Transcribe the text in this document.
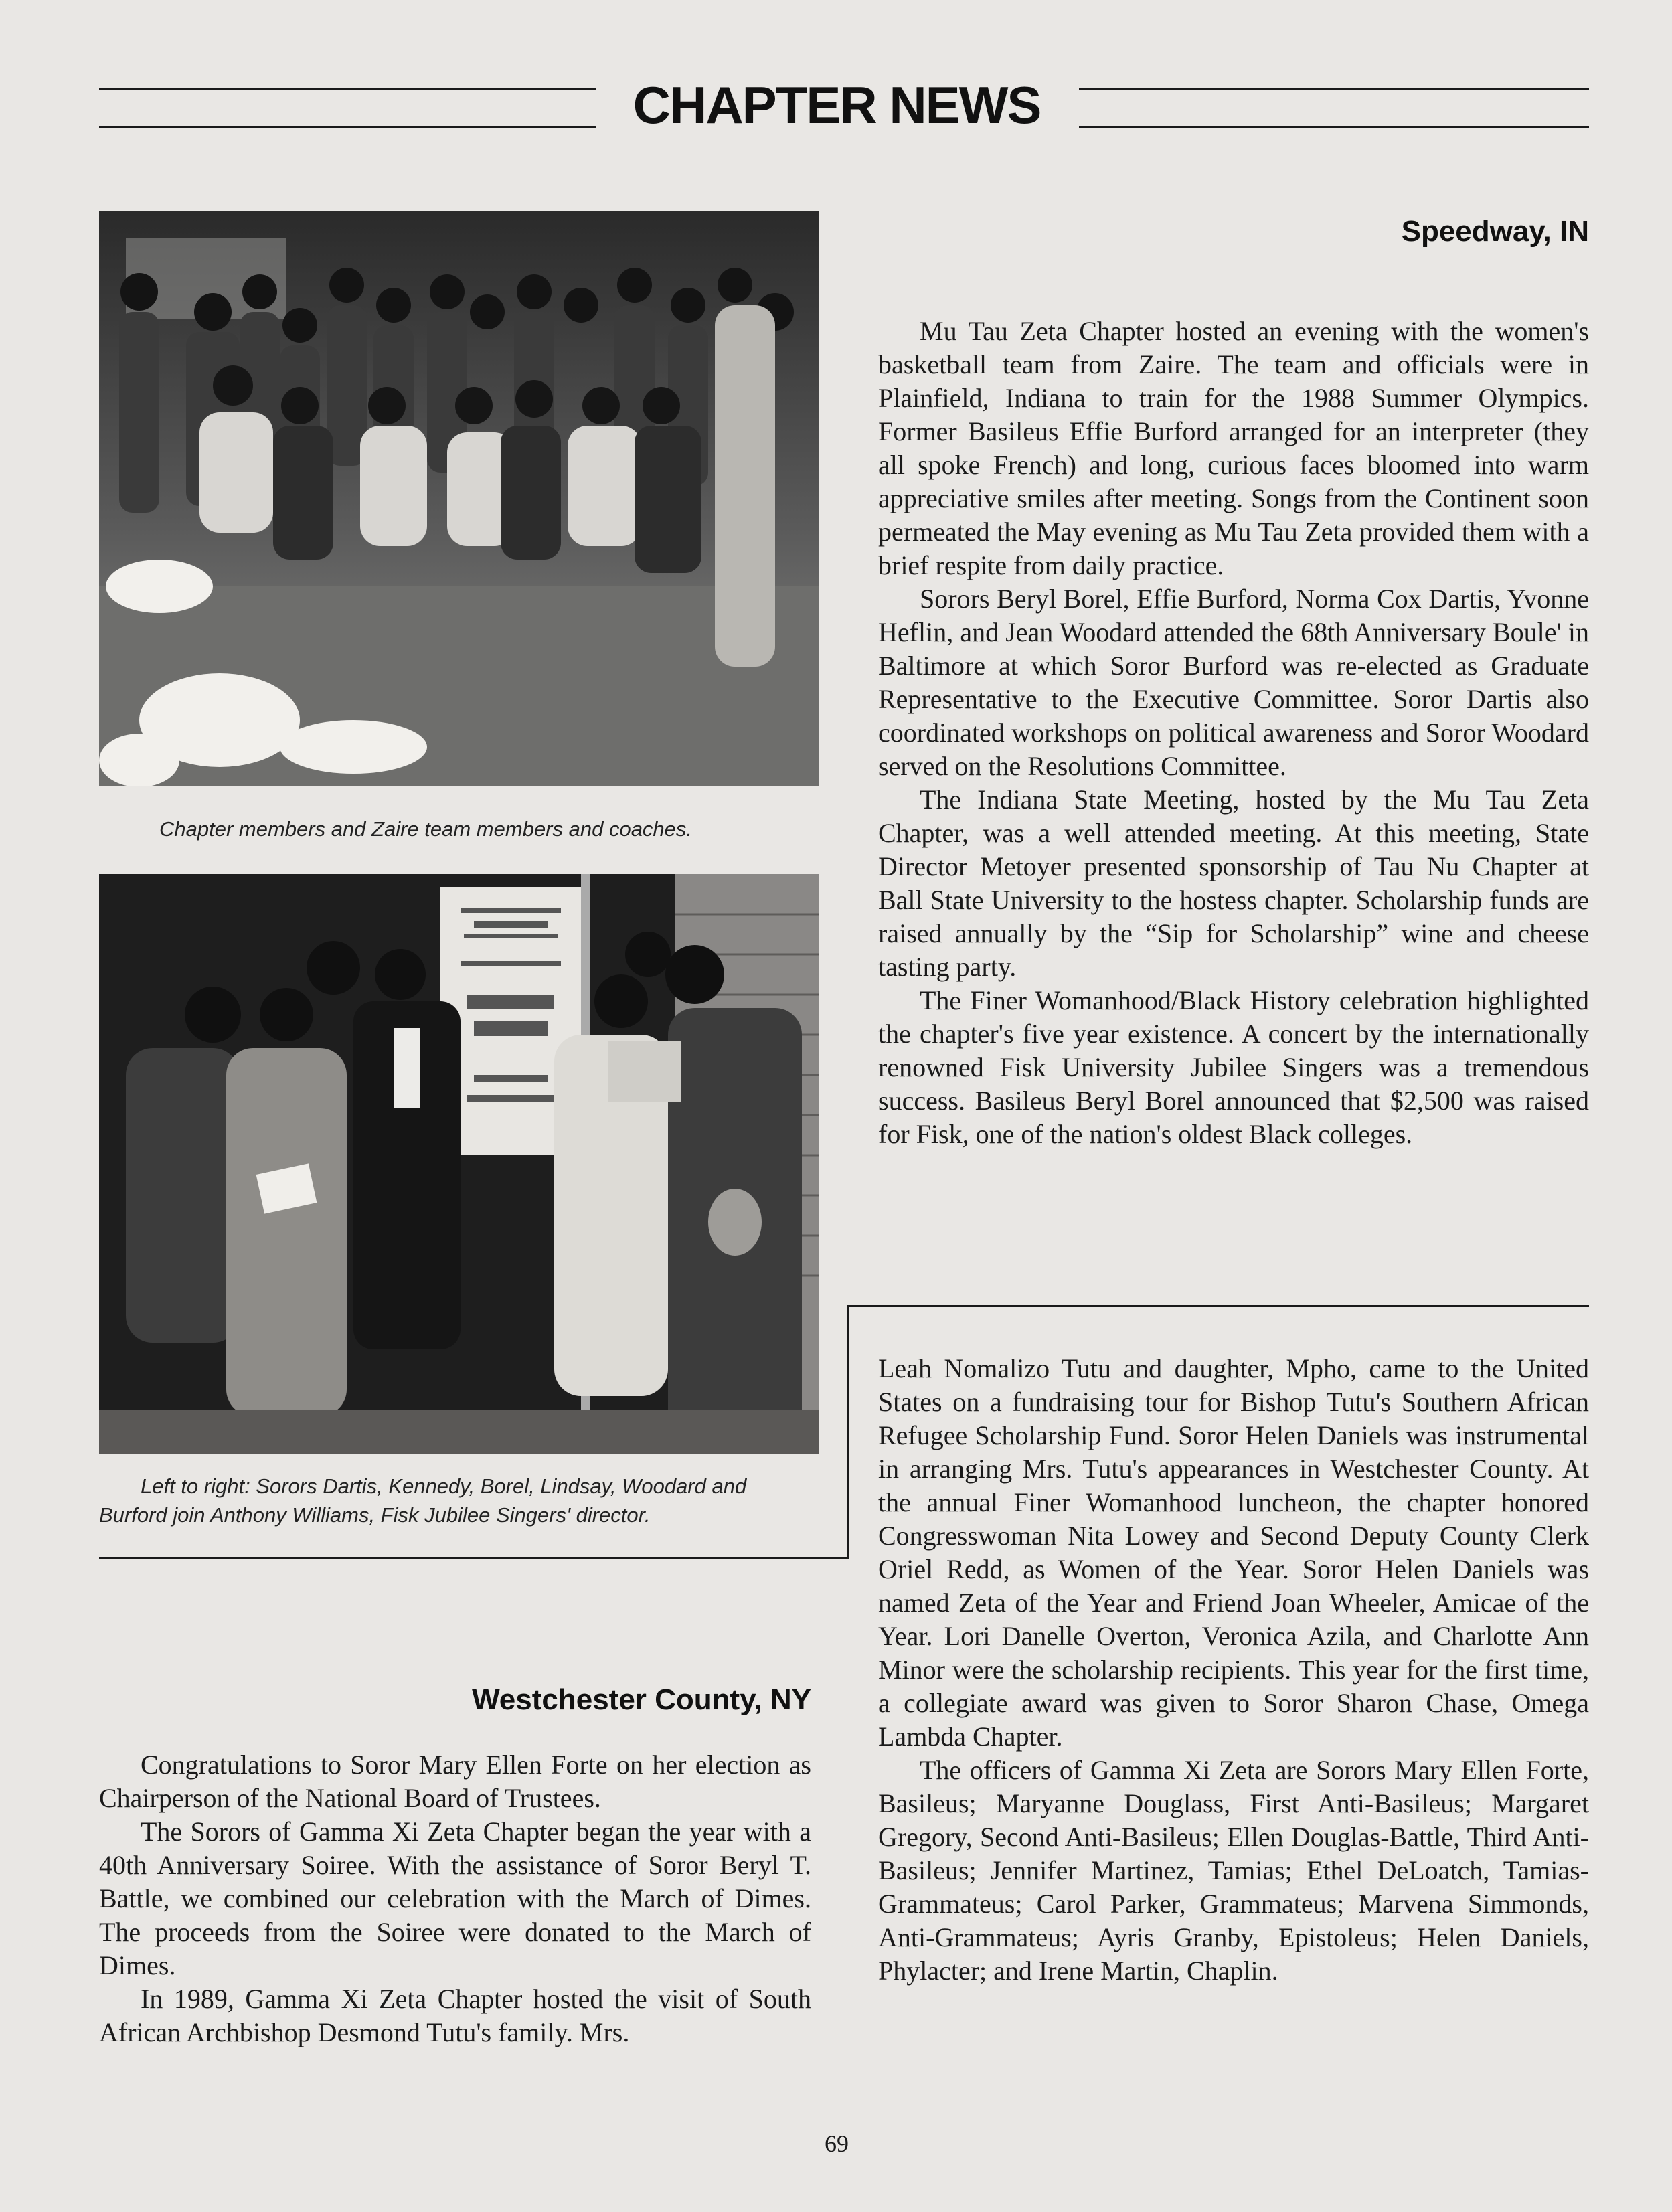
CHAPTER NEWS
Chapter members and Zaire team members and coaches.
Left to right: Sorors Dartis, Kennedy, Borel, Lindsay, Woodard and
Burford join Anthony Williams, Fisk Jubilee Singers' director.
Speedway, IN

Mu Tau Zeta Chapter hosted an evening with the women's basketball team from Zaire. The team and officials were in Plainfield, Indiana to train for the 1988 Summer Olympics. Former Basileus Effie Burford arranged for an interpreter (they all spoke French) and long, curious faces bloomed into warm appreciative smiles after meeting. Songs from the Continent soon permeated the May evening as Mu Tau Zeta provided them with a brief respite from daily practice.

Sorors Beryl Borel, Effie Burford, Norma Cox Dartis, Yvonne Heflin, and Jean Woodard attended the 68th Anniversary Boule' in Baltimore at which Soror Burford was re-elected as Graduate Representative to the Executive Committee. Soror Dartis also coordinated workshops on political awareness and Soror Woodard served on the Resolutions Committee.

The Indiana State Meeting, hosted by the Mu Tau Zeta Chapter, was a well attended meeting. At this meeting, State Director Metoyer presented sponsorship of Tau Nu Chapter at Ball State University to the hostess chapter. Scholarship funds are raised annually by the “Sip for Scholarship” wine and cheese tasting party.

The Finer Womanhood/Black History celebration highlighted the chapter's five year existence. A concert by the internationally renowned Fisk University Jubilee Singers was a tremendous success. Basileus Beryl Borel announced that $2,500 was raised for Fisk, one of the nation's oldest Black colleges.

Westchester County, NY

Congratulations to Soror Mary Ellen Forte on her election as Chairperson of the National Board of Trustees.

The Sorors of Gamma Xi Zeta Chapter began the year with a 40th Anniversary Soiree. With the assistance of Soror Beryl T. Battle, we combined our celebration with the March of Dimes. The proceeds from the Soiree were donated to the March of Dimes.

In 1989, Gamma Xi Zeta Chapter hosted the visit of South African Archbishop Desmond Tutu's family. Mrs.

Leah Nomalizo Tutu and daughter, Mpho, came to the United States on a fundraising tour for Bishop Tutu's Southern African Refugee Scholarship Fund. Soror Helen Daniels was instrumental in arranging Mrs. Tutu's appearances in Westchester County. At the annual Finer Womanhood luncheon, the chapter honored Congresswoman Nita Lowey and Second Deputy County Clerk Oriel Redd, as Women of the Year. Soror Helen Daniels was named Zeta of the Year and Friend Joan Wheeler, Amicae of the Year. Lori Danelle Overton, Veronica Azila, and Charlotte Ann Minor were the scholarship recipients. This year for the first time, a collegiate award was given to Soror Sharon Chase, Omega Lambda Chapter.

The officers of Gamma Xi Zeta are Sorors Mary Ellen Forte, Basileus; Maryanne Douglass, First Anti-Basileus; Margaret Gregory, Second Anti-Basileus; Ellen Douglas-Battle, Third Anti-Basileus; Jennifer Martinez, Tamias; Ethel DeLoatch, Tamias-Grammateus; Carol Parker, Grammateus; Marvena Simmonds, Anti-Grammateus; Ayris Granby, Epistoleus; Helen Daniels, Phylacter; and Irene Martin, Chaplin.

69
